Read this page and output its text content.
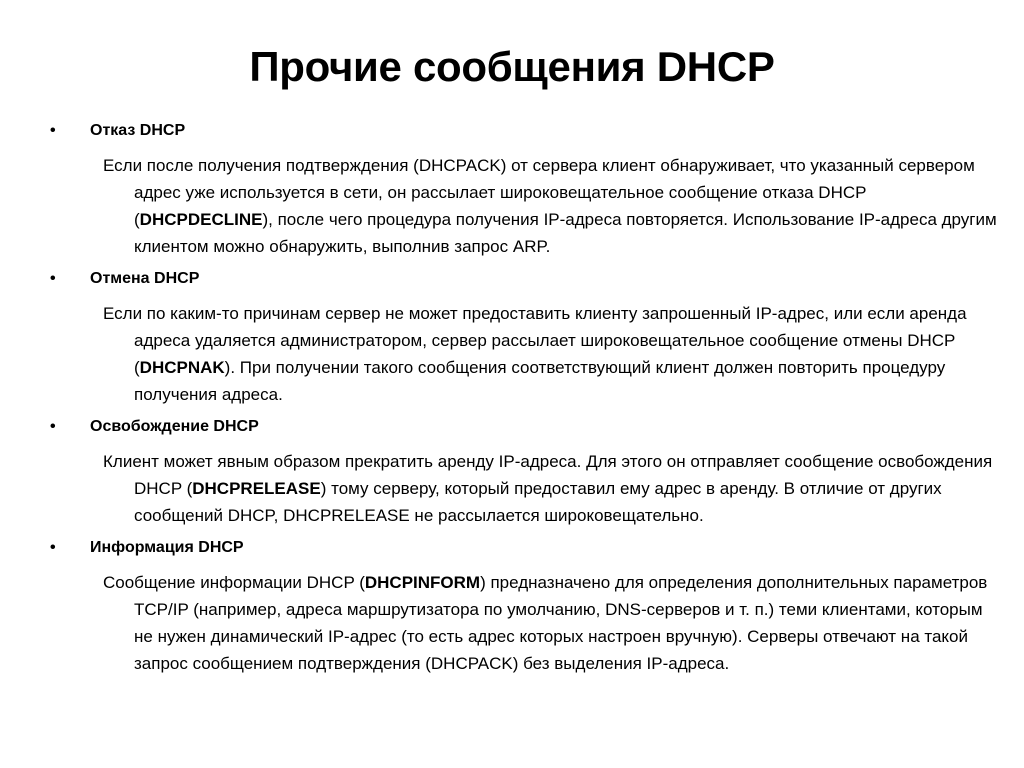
Прочие сообщения DHCP
•	Отказ DHCP
Если после получения подтверждения (DHCPACK) от сервера клиент обнаруживает, что указанный сервером адрес уже используется в сети, он рассылает широковещательное сообщение отказа DHCP (DHCPDECLINE), после чего процедура получения IP-адреса повторяется. Использование IP-адреса другим клиентом можно обнаружить, выполнив запрос ARP.
•	Отмена DHCP
Если по каким-то причинам сервер не может предоставить клиенту запрошенный IP-адрес, или если аренда адреса удаляется администратором, сервер рассылает широковещательное сообщение отмены DHCP (DHCPNAK). При получении такого сообщения соответствующий клиент должен повторить процедуру получения адреса.
•	Освобождение DHCP
Клиент может явным образом прекратить аренду IP-адреса. Для этого он отправляет сообщение освобождения DHCP (DHCPRELEASE) тому серверу, который предоставил ему адрес в аренду. В отличие от других сообщений DHCP, DHCPRELEASE не рассылается широковещательно.
•	Информация DHCP
Сообщение информации DHCP (DHCPINFORM) предназначено для определения дополнительных параметров TCP/IP (например, адреса маршрутизатора по умолчанию, DNS-серверов и т. п.) теми клиентами, которым не нужен динамический IP-адрес (то есть адрес которых настроен вручную). Серверы отвечают на такой запрос сообщением подтверждения (DHCPACK) без выделения IP-адреса.
